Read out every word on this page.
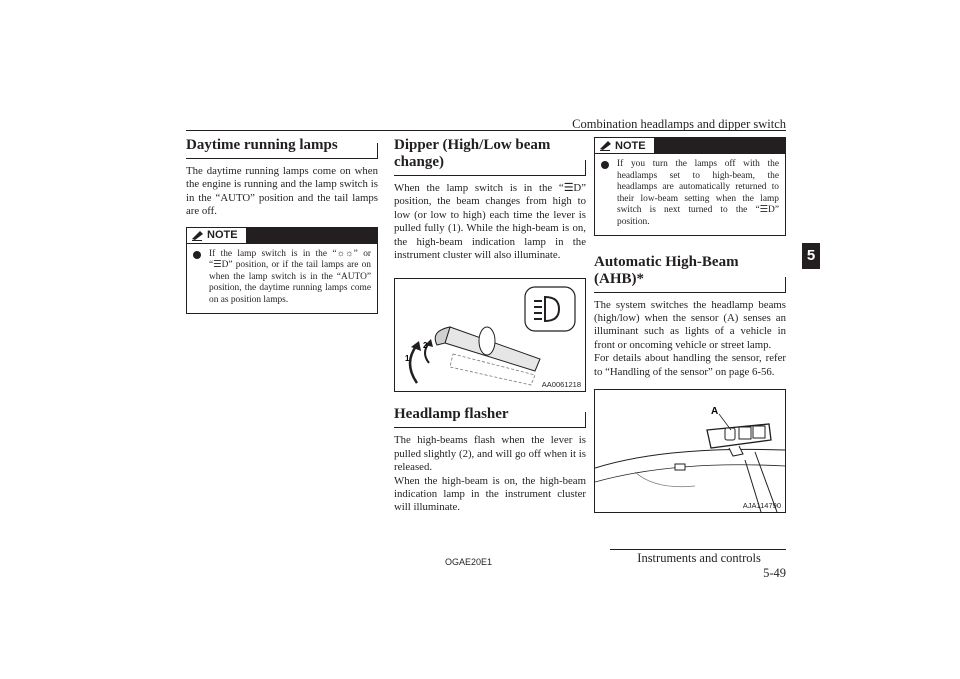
Combination headlamps and dipper switch
5
Daytime running lamps

The daytime running lamps come on when the engine is running and the lamp switch is in the “AUTO” position and the tail lamps are off.

NOTE
If the lamp switch is in the “☼☼” or “☰D” position, or if the tail lamps are on when the lamp switch is in the “AUTO” position, the daytime running lamps come on as position lamps.
Dipper (High/Low beam change)

When the lamp switch is in the “☰D” position, the beam changes from high to low (or low to high) each time the lever is pulled fully (1). While the high-beam is on, the high-beam indication lamp in the instrument cluster will also illuminate.

1
2
AA0061218
Headlamp flasher

The high-beams flash when the lever is pulled slightly (2), and will go off when it is released.
When the high-beam is on, the high-beam indication lamp in the instrument cluster will illuminate.

NOTE
If you turn the lamps off with the headlamps set to high-beam, the headlamps are automatically returned to their low-beam setting when the lamp switch is next turned to the “☰D” position.
Automatic High-Beam (AHB)*

The system switches the headlamp beams (high/low) when the sensor (A) senses an illuminant such as lights of a vehicle in front or oncoming vehicle or street lamp.
For details about handling the sensor, refer to “Handling of the sensor” on page 6-56.

A
AJA114790
OGAE20E1	Instruments and controls  5-49
